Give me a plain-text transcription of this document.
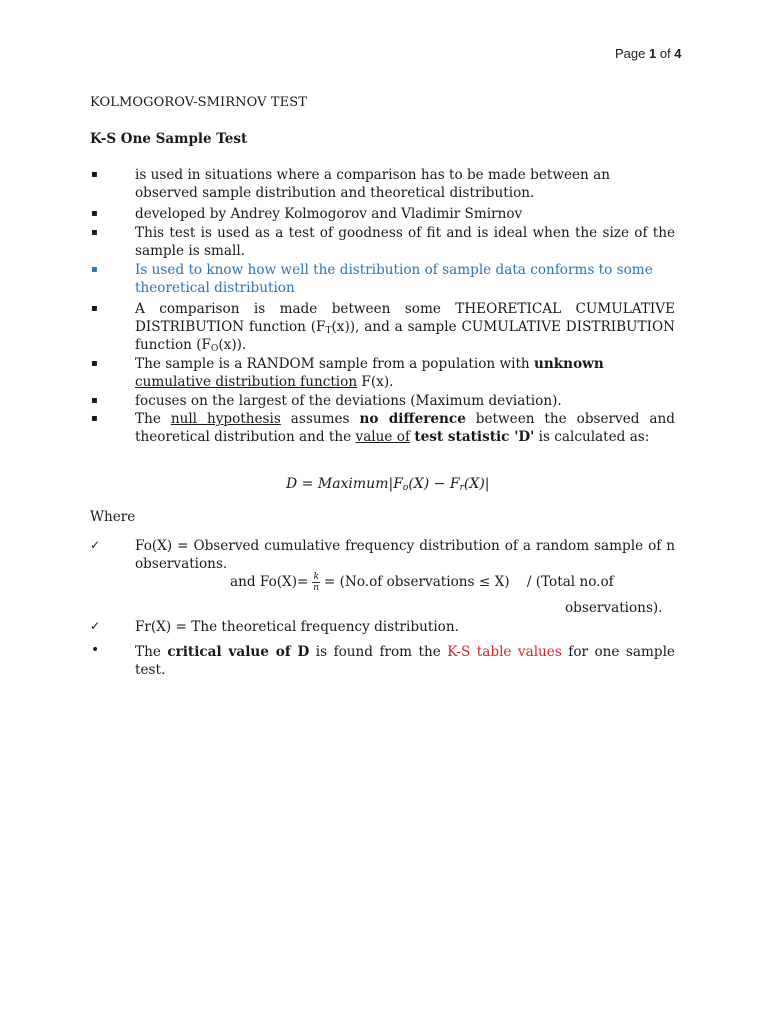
Page 1 of 4
KOLMOGOROV-SMIRNOV TEST
K-S One Sample Test
▪	is used in situations where a comparison has to be made between an observed sample distribution and theoretical distribution.
▪	developed by Andrey Kolmogorov and Vladimir Smirnov
▪	This test is used as a test of goodness of fit and is ideal when the size of the sample is small.
▪	Is used to know how well the distribution of sample data conforms to some theoretical distribution
▪	A comparison is made between some THEORETICAL CUMULATIVE DISTRIBUTION function $(F_T(x))$, and a sample CUMULATIVE DISTRIBUTION function $(F_O(x))$.
▪	The sample is a RANDOM sample from a population with unknown
cumulative distribution function F(x).
▪	focuses on the largest of the deviations (Maximum deviation).
▪	The null hypothesis assumes no difference between the observed and theoretical distribution and the value of test statistic 'D' is calculated as:
$D = Maximum|F_o(X) - F_r(X)|$
Where
✓	Fo(X) = Observed cumulative frequency distribution of a random sample of n observations.
and $Fo(X)= \frac{k}{n} = (No.of$ observations ≤ X) / (Total no.of
observations).
✓	Fr(X) = The theoretical frequency distribution.
•	The critical value of D is found from the K-S table values for one sample test.
